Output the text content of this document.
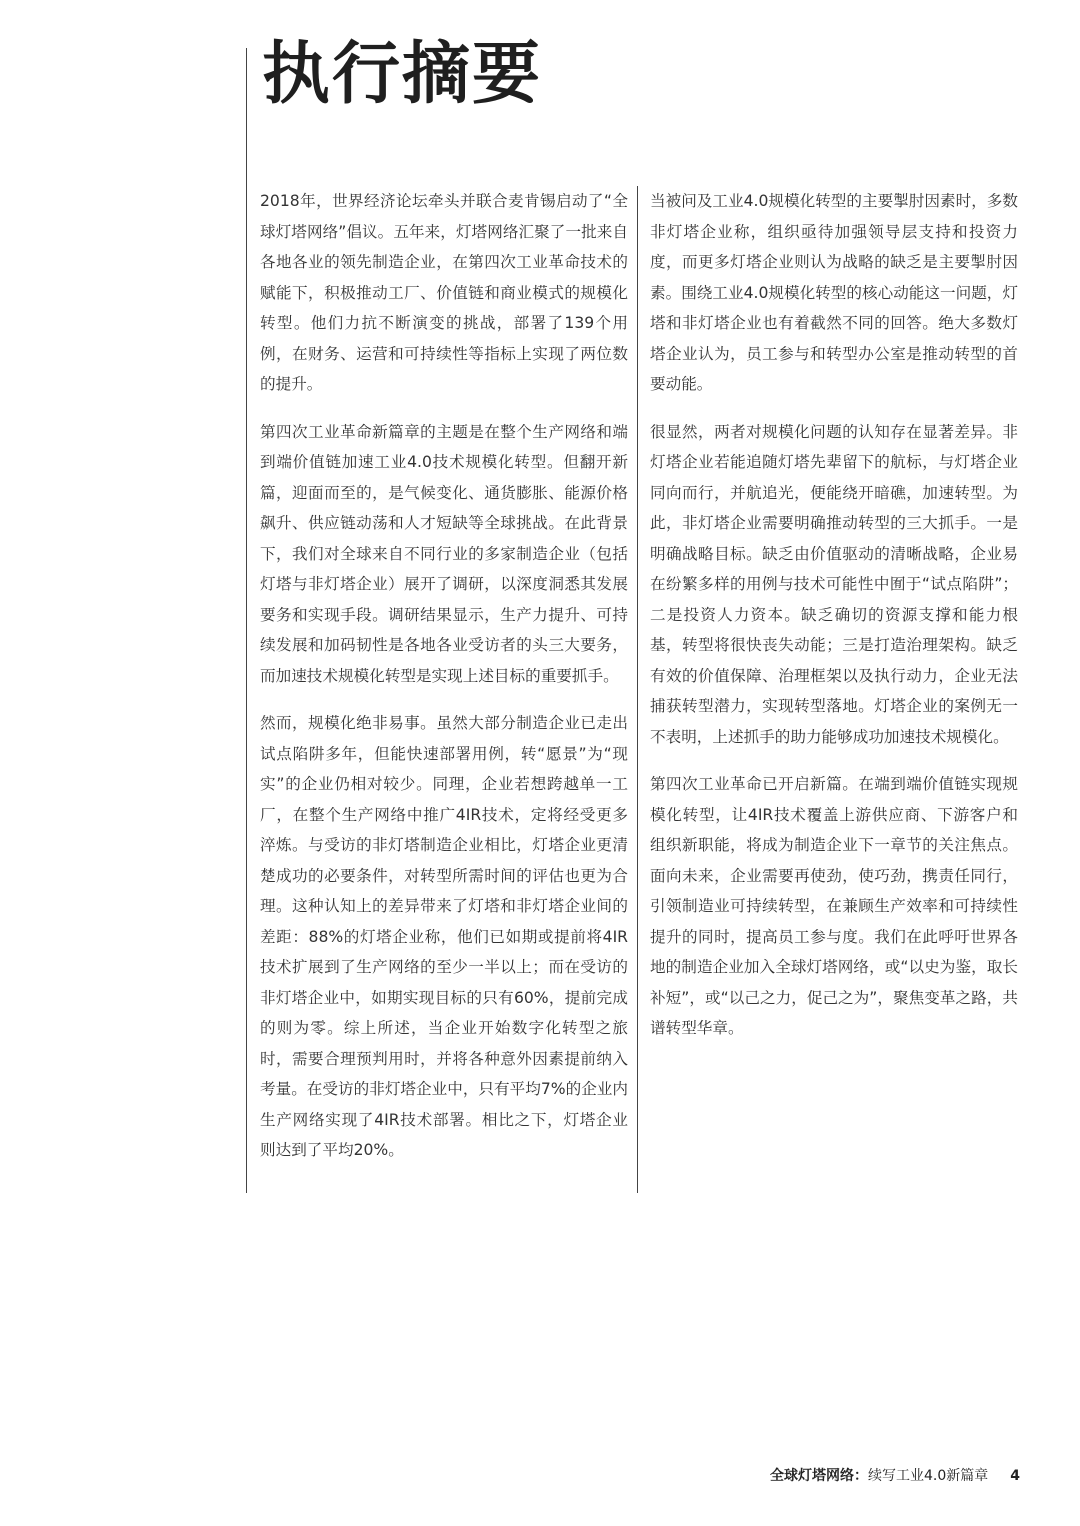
执行摘要

2018年，世界经济论坛牵头并联合麦肯锡启动了“全球灯塔网络”倡议。五年来，灯塔网络汇聚了一批来自各地各业的领先制造企业，在第四次工业革命技术的赋能下，积极推动工厂、价值链和商业模式的规模化转型。他们力抗不断演变的挑战，部署了139个用例，在财务、运营和可持续性等指标上实现了两位数的提升。

第四次工业革命新篇章的主题是在整个生产网络和端到端价值链加速工业4.0技术规模化转型。但翻开新篇，迎面而至的，是气候变化、通货膨胀、能源价格飙升、供应链动荡和人才短缺等全球挑战。在此背景下，我们对全球来自不同行业的多家制造企业（包括灯塔与非灯塔企业）展开了调研，以深度洞悉其发展要务和实现手段。调研结果显示，生产力提升、可持续发展和加码韧性是各地各业受访者的头三大要务，而加速技术规模化转型是实现上述目标的重要抓手。

然而，规模化绝非易事。虽然大部分制造企业已走出试点陷阱多年，但能快速部署用例，转“愿景”为“现实”的企业仍相对较少。同理，企业若想跨越单一工厂，在整个生产网络中推广4IR技术，定将经受更多淬炼。与受访的非灯塔制造企业相比，灯塔企业更清楚成功的必要条件，对转型所需时间的评估也更为合理。这种认知上的差异带来了灯塔和非灯塔企业间的差距：88%的灯塔企业称，他们已如期或提前将4IR技术扩展到了生产网络的至少一半以上；而在受访的非灯塔企业中，如期实现目标的只有60%，提前完成的则为零。综上所述，当企业开始数字化转型之旅时，需要合理预判用时，并将各种意外因素提前纳入考量。在受访的非灯塔企业中，只有平均7%的企业内生产网络实现了4IR技术部署。相比之下，灯塔企业则达到了平均20%。

当被问及工业4.0规模化转型的主要掣肘因素时，多数非灯塔企业称，组织亟待加强领导层支持和投资力度，而更多灯塔企业则认为战略的缺乏是主要掣肘因素。围绕工业4.0规模化转型的核心动能这一问题，灯塔和非灯塔企业也有着截然不同的回答。绝大多数灯塔企业认为，员工参与和转型办公室是推动转型的首要动能。

很显然，两者对规模化问题的认知存在显著差异。非灯塔企业若能追随灯塔先辈留下的航标，与灯塔企业同向而行，并航追光，便能绕开暗礁，加速转型。为此，非灯塔企业需要明确推动转型的三大抓手。一是明确战略目标。缺乏由价值驱动的清晰战略，企业易在纷繁多样的用例与技术可能性中囿于“试点陷阱”；二是投资人力资本。缺乏确切的资源支撑和能力根基，转型将很快丧失动能；三是打造治理架构。缺乏有效的价值保障、治理框架以及执行动力，企业无法捕获转型潜力，实现转型落地。灯塔企业的案例无一不表明，上述抓手的助力能够成功加速技术规模化。

第四次工业革命已开启新篇。在端到端价值链实现规模化转型，让4IR技术覆盖上游供应商、下游客户和组织新职能，将成为制造企业下一章节的关注焦点。面向未来，企业需要再使劲，使巧劲，携责任同行，引领制造业可持续转型，在兼顾生产效率和可持续性提升的同时，提高员工参与度。我们在此呼吁世界各地的制造企业加入全球灯塔网络，或“以史为鉴，取长补短”，或“以己之力，促己之为”，聚焦变革之路，共谱转型华章。

全球灯塔网络：续写工业4.0新篇章 4
